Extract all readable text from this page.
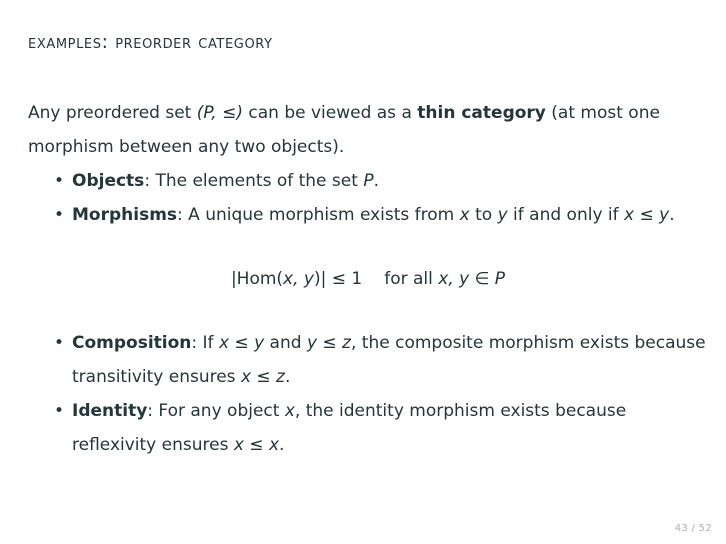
examples: preorder category

Any preordered set (P, ≤) can be viewed as a thin category (at most one morphism between any two objects).

• Objects: The elements of the set P.

• Morphisms: A unique morphism exists from x to y if and only if x ≤ y.

|Hom(x, y)| ≤ 1 for all x, y ∈ P

• Composition: If x ≤ y and y ≤ z, the composite morphism exists because transitivity ensures x ≤ z.

• Identity: For any object x, the identity morphism exists because reflexivity ensures x ≤ x.

43 / 52
